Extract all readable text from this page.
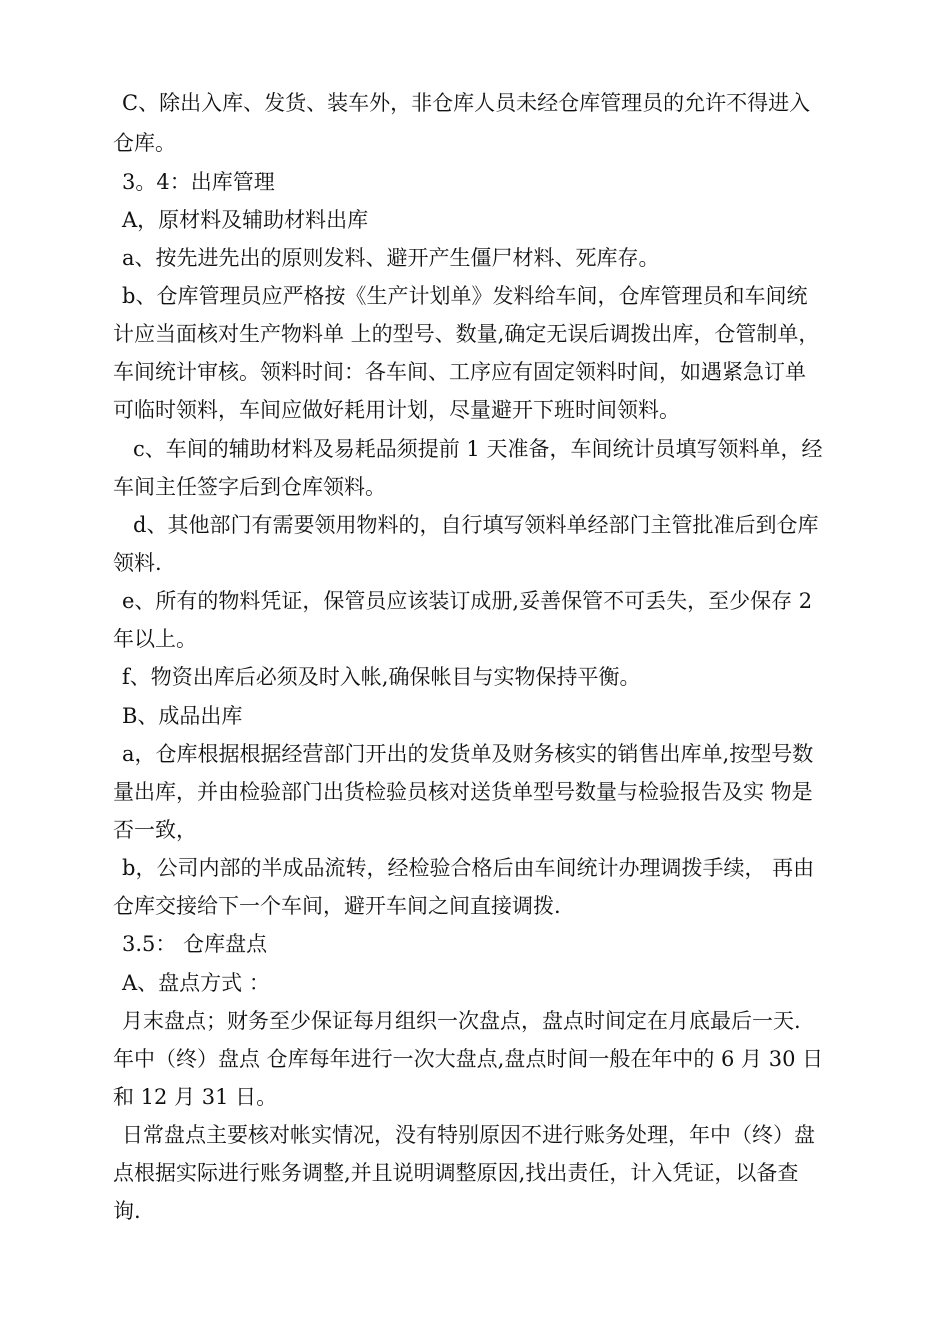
C、除出入库、发货、装车外，非仓库人员未经仓库管理员的允许不得进入
仓库。
3。4：出库管理
A，原材料及辅助材料出库
a、按先进先出的原则发料、避开产生僵尸材料、死库存。
b、仓库管理员应严格按《生产计划单》发料给车间，仓库管理员和车间统
计应当面核对生产物料单 上的型号、数量,确定无误后调拨出库，仓管制单，
车间统计审核。领料时间：各车间、工序应有固定领料时间，如遇紧急订单
可临时领料，车间应做好耗用计划，尽量避开下班时间领料。
c、车间的辅助材料及易耗品须提前 1 天准备，车间统计员填写领料单，经
车间主任签字后到仓库领料。
d、其他部门有需要领用物料的，自行填写领料单经部门主管批准后到仓库
领料.
e、所有的物料凭证，保管员应该装订成册,妥善保管不可丢失，至少保存 2
年以上。
f、物资出库后必须及时入帐,确保帐目与实物保持平衡。
B、成品出库
a，仓库根据根据经营部门开出的发货单及财务核实的销售出库单,按型号数
量出库，并由检验部门出货检验员核对送货单型号数量与检验报告及实 物是
否一致，
b，公司内部的半成品流转，经检验合格后由车间统计办理调拨手续， 再由
仓库交接给下一个车间，避开车间之间直接调拨.
3.5： 仓库盘点
A、盘点方式 ：
月末盘点；财务至少保证每月组织一次盘点，盘点时间定在月底最后一天.
年中（终）盘点 仓库每年进行一次大盘点,盘点时间一般在年中的 6 月 30 日
和 12 月 31 日。
日常盘点主要核对帐实情况，没有特别原因不进行账务处理，年中（终）盘
点根据实际进行账务调整,并且说明调整原因,找出责任，计入凭证，以备查
询.
